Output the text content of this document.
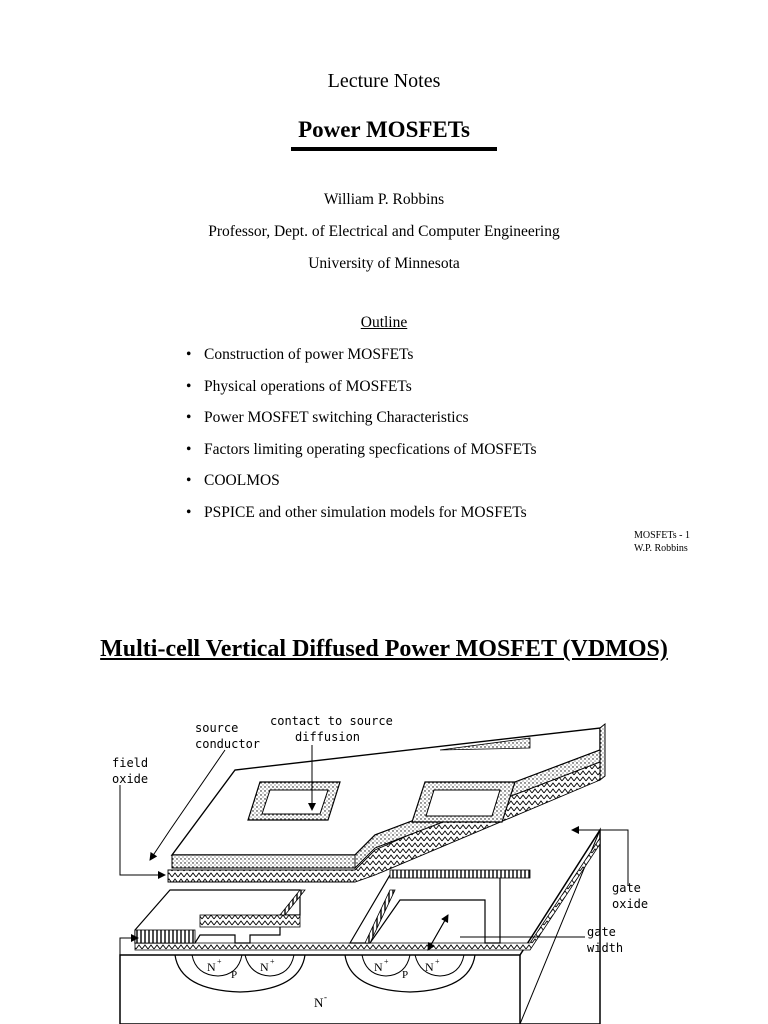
Lecture Notes
Power MOSFETs
William P. Robbins
Professor, Dept. of Electrical and Computer Engineering
University of Minnesota
Outline
• Construction of power MOSFETs
• Physical operations of MOSFETs
• Power MOSFET switching Characteristics
• Factors limiting operating specfications of MOSFETs
• COOLMOS
• PSPICE and other simulation models for MOSFETs
MOSFETs - 1
W.P. Robbins
Multi-cell Vertical Diffused Power MOSFET (VDMOS)
source
conductor
contact to source
diffusion
field
oxide
gate
oxide
gate
width
N +
P
N +	N +
P
N +
N -
